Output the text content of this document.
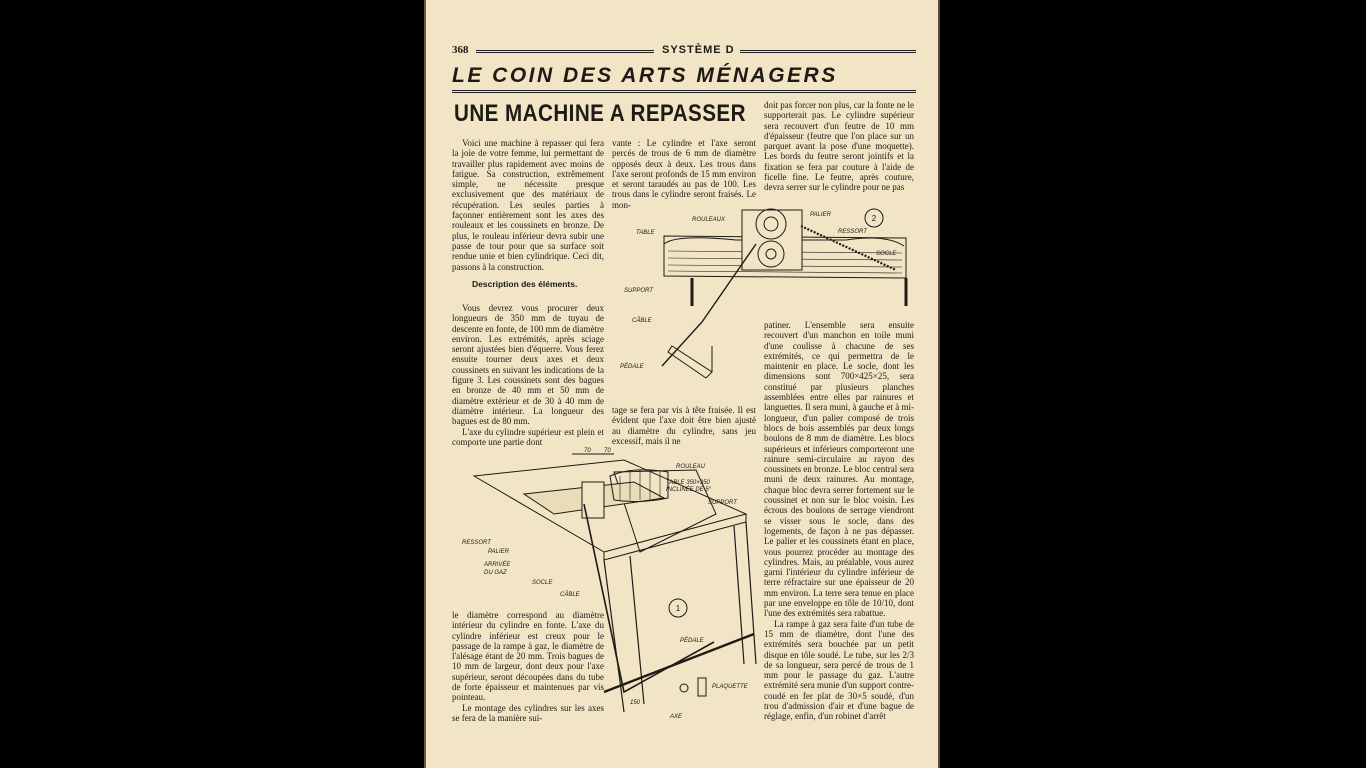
368	SYSTÈME D
LE COIN DES ARTS MÉNAGERS
UNE MACHINE A REPASSER

Voici une machine à repasser qui fera la joie de votre femme, lui permettant de travailler plus rapidement avec moins de fatigue. Sa construction, extrêmement simple, ne nécessite presque exclusivement que des matériaux de récupération. Les seules parties à façonner entièrement sont les axes des rouleaux et les coussinets en bronze. De plus, le rouleau inférieur devra subir une passe de tour pour que sa surface soit rendue unie et bien cylindrique. Ceci dit, passons à la construction.

Description des éléments.

Vous devrez vous procurer deux longueurs de 350 mm de tuyau de descente en fonte, de 100 mm de diamètre environ. Les extrémités, après sciage seront ajustées bien d'équerre. Vous ferez ensuite tourner deux axes et deux coussinets en suivant les indications de la figure 3. Les coussinets sont des bagues en bronze de 40 mm et 50 mm de diamètre extérieur et de 30 à 40 mm de diamètre intérieur. La longueur des bagues est de 80 mm.

L'axe du cylindre supérieur est plein et comporte une partie dont

vante : Le cylindre et l'axe seront percés de trous de 6 mm de diamètre opposés deux à deux. Les trous dans l'axe seront profonds de 15 mm environ et seront taraudés au pas de 100. Les trous dans le cylindre seront fraisés. Le mon-

tage se fera par vis à tête fraisée. Il est évident que l'axe doit être bien ajusté au diamètre du cylindre, sans jeu excessif, mais il ne

doit pas forcer non plus, car la fonte ne le supporterait pas. Le cylindre supérieur sera recouvert d'un feutre de 10 mm d'épaisseur (feutre que l'on place sur un parquet avant la pose d'une moquette). Les bords du feutre seront jointifs et la fixation se fera par couture à l'aide de ficelle fine. Le feutre, après couture, devra serrer sur le cylindre pour ne pas

patiner. L'ensemble sera ensuite recouvert d'un manchon en toile muni d'une coulisse à chacune de ses extrémités, ce qui permettra de le maintenir en place. Le socle, dont les dimensions sont 700×425×25, sera constitué par plusieurs planches assemblées entre elles par rainures et languettes. Il sera muni, à gauche et à mi-longueur, d'un palier composé de trois blocs de bois assemblés par deux longs boulons de 8 mm de diamètre. Les blocs supérieurs et inférieurs comporteront une rainure semi-circulaire au rayon des coussinets en bronze. Le bloc central sera muni de deux rainures. Au montage, chaque bloc devra serrer fortement sur le coussinet et non sur le bloc voisin. Les écrous des boulons de serrage viendront se visser sous le socle, dans des logements, de façon à ne pas dépasser. Le palier et les coussinets étant en place, vous pourrez procéder au montage des cylindres. Mais, au préalable, vous aurez garni l'intérieur du cylindre inférieur de terre réfractaire sur une épaisseur de 20 mm environ. La terre sera tenue en place par une enveloppe en tôle de 10/10, dont l'une des extrémités sera rabattue.

La rampe à gaz sera faite d'un tube de 15 mm de diamètre, dont l'une des extrémités sera bouchée par un petit disque en tôle soudé. Le tube, sur les 2/3 de sa longueur, sera percé de trous de 1 mm pour le passage du gaz. L'autre extrémité sera munie d'un support contre-coudé en fer plat de 30×5 soudé, d'un trou d'admission d'air et d'une bague de réglage, enfin, d'un robinet d'arrêt

le diamètre correspond au diamètre intérieur du cylindre en fonte. L'axe du cylindre inférieur est creux pour le passage de la rampe à gaz, le diamètre de l'alésage étant de 20 mm. Trois bagues de 10 mm de largeur, dont deux pour l'axe supérieur, seront découpées dans du tube de forte épaisseur et maintenues par vis pointeau.

Le montage des cylindres sur les axes se fera de la manière sui-

2
ROULEAUX
PALIER
TABLE	RESSORT
SOCLE
SUPPORT
CÂBLE
PÉDALE
1
70 70
ROULEAU
TABLE 350×350
INCLINÉE DE 5°
SUPPORT
RESSORT
PALIER
ARRIVÉE
DU GAZ
SOCLE
CÂBLE
PÉDALE
PLAQUETTE
AXE
150
